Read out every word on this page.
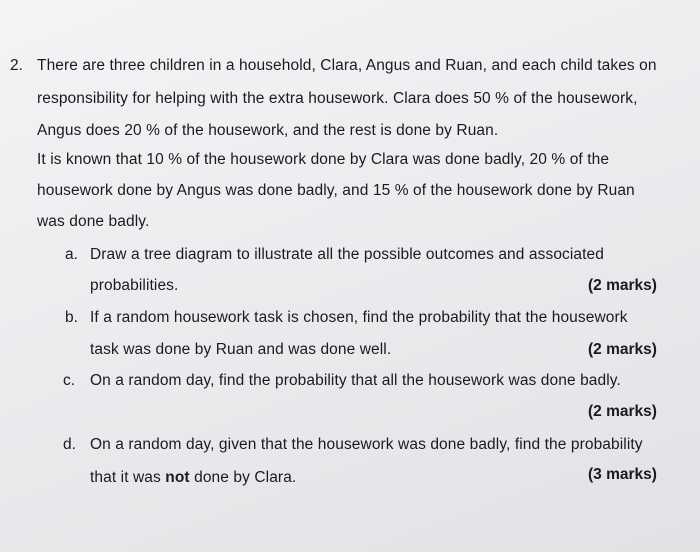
2. There are three children in a household, Clara, Angus and Ruan, and each child takes on
responsibility for helping with the extra housework. Clara does 50 % of the housework,
Angus does 20 % of the housework, and the rest is done by Ruan.
It is known that 10 % of the housework done by Clara was done badly, 20 % of the
housework done by Angus was done badly, and 15 % of the housework done by Ruan
was done badly.
a. Draw a tree diagram to illustrate all the possible outcomes and associated
probabilities.	(2 marks)
b. If a random housework task is chosen, find the probability that the housework
task was done by Ruan and was done well.	(2 marks)
c. On a random day, find the probability that all the housework was done badly.
(2 marks)
d. On a random day, given that the housework was done badly, find the probability
that it was not done by Clara.	(3 marks)
